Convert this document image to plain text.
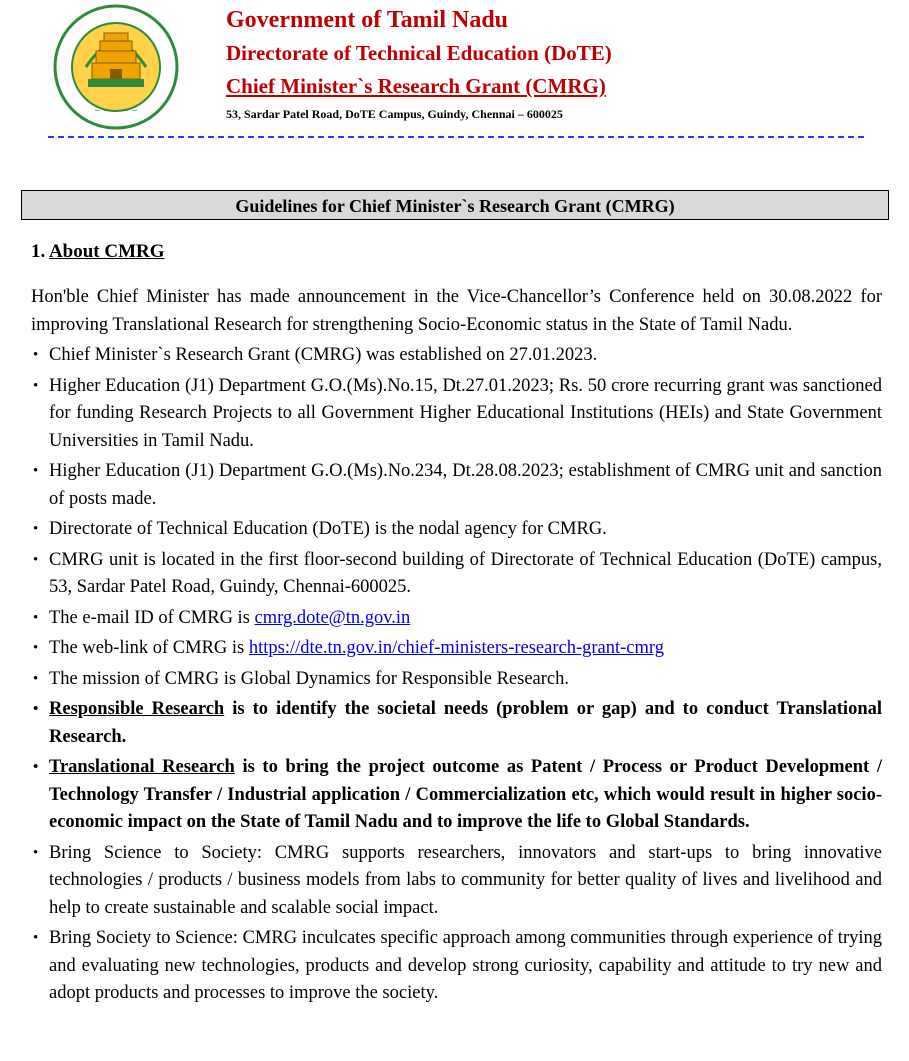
~ ~ ~ ~ ~
Government of Tamil Nadu
Directorate of Technical Education (DoTE)
Chief Minister`s Research Grant (CMRG)
53, Sardar Patel Road, DoTE Campus, Guindy, Chennai – 600025
Guidelines for Chief Minister`s Research Grant (CMRG)
1. About CMRG

Hon'ble Chief Minister has made announcement in the Vice-Chancellor’s Conference held on 30.08.2022 for improving Translational Research for strengthening Socio-Economic status in the State of Tamil Nadu.

• Chief Minister`s Research Grant (CMRG) was established on 27.01.2023.
• Higher Education (J1) Department G.O.(Ms).No.15, Dt.27.01.2023; Rs. 50 crore recurring grant was sanctioned for funding Research Projects to all Government Higher Educational Institutions (HEIs) and State Government Universities in Tamil Nadu.
• Higher Education (J1) Department G.O.(Ms).No.234, Dt.28.08.2023; establishment of CMRG unit and sanction of posts made.
• Directorate of Technical Education (DoTE) is the nodal agency for CMRG.
• CMRG unit is located in the first floor-second building of Directorate of Technical Education (DoTE) campus, 53, Sardar Patel Road, Guindy, Chennai-600025.
• The e-mail ID of CMRG is cmrg.dote@tn.gov.in
• The web-link of CMRG is https://dte.tn.gov.in/chief-ministers-research-grant-cmrg
• The mission of CMRG is Global Dynamics for Responsible Research.
• Responsible Research is to identify the societal needs (problem or gap) and to conduct Translational Research.
• Translational Research is to bring the project outcome as Patent / Process or Product Development / Technology Transfer / Industrial application / Commercialization etc, which would result in higher socio-economic impact on the State of Tamil Nadu and to improve the life to Global Standards.
• Bring Science to Society: CMRG supports researchers, innovators and start-ups to bring innovative technologies / products / business models from labs to community for better quality of lives and livelihood and help to create sustainable and scalable social impact.
• Bring Society to Science: CMRG inculcates specific approach among communities through experience of trying and evaluating new technologies, products and develop strong curiosity, capability and attitude to try new and adopt products and processes to improve the society.
